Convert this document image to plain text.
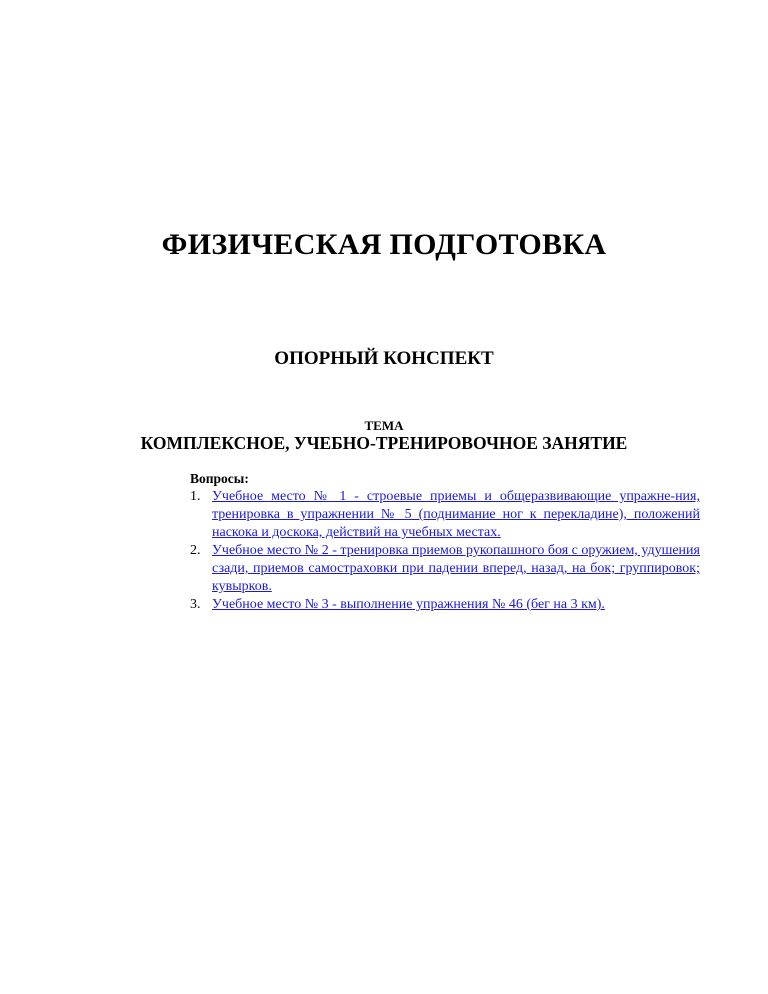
ФИЗИЧЕСКАЯ ПОДГОТОВКА
ОПОРНЫЙ КОНСПЕКТ
ТЕМА
КОМПЛЕКСНОЕ, УЧЕБНО-ТРЕНИРОВОЧНОЕ ЗАНЯТИЕ
Вопросы:
1. Учебное место № 1 - строевые приемы и общеразвивающие упражне-ния, тренировка в упражнении № 5 (поднимание ног к перекладине), положений наскока и доскока, действий на учебных местах.
2. Учебное место № 2 - тренировка приемов рукопашного боя с оружием, удушения сзади, приемов самостраховки при падении вперед, назад, на бок; группировок; кувырков.
3. Учебное место № 3 - выполнение упражнения № 46 (бег на 3 км).
